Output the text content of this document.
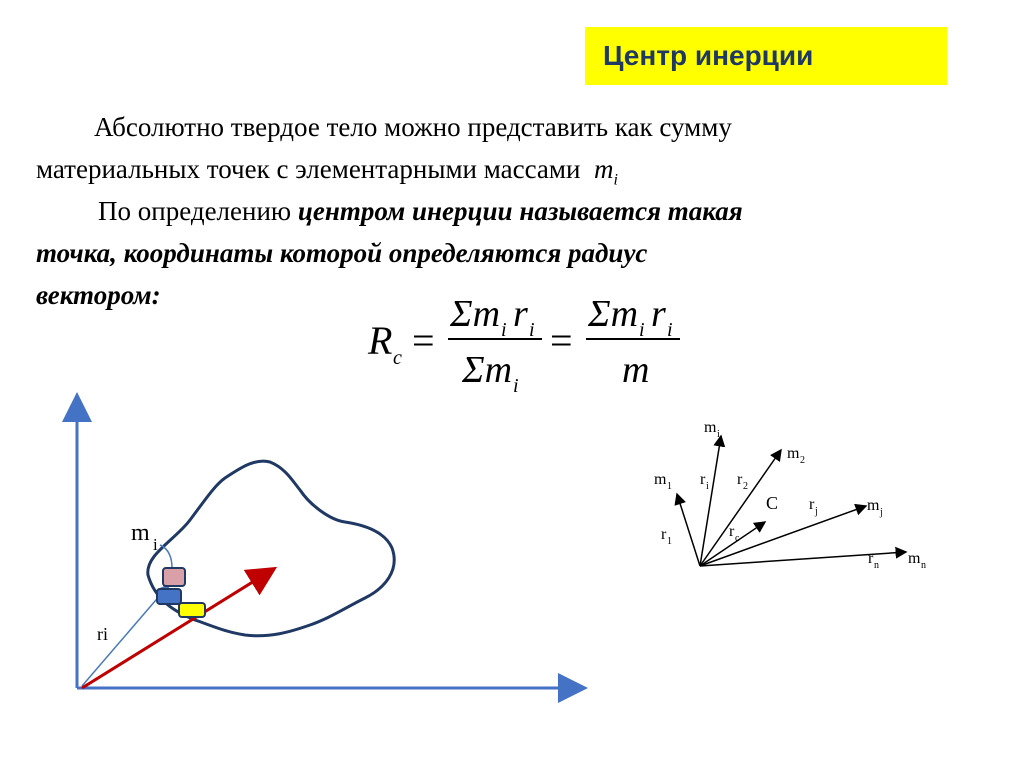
Центр инерции
Абсолютно твердое тело можно представить как сумму
материальных точек с элементарными массами $m_i$
По определению центром инерции называется такая
точка, координаты которой определяются радиус
вектором:
R c =
Σm i r i
Σm i
=
Σm i r i
m
m i
ri
m i
m 2
m 1 r i r 2
C r j	m j
r 1
r c
r n m n
